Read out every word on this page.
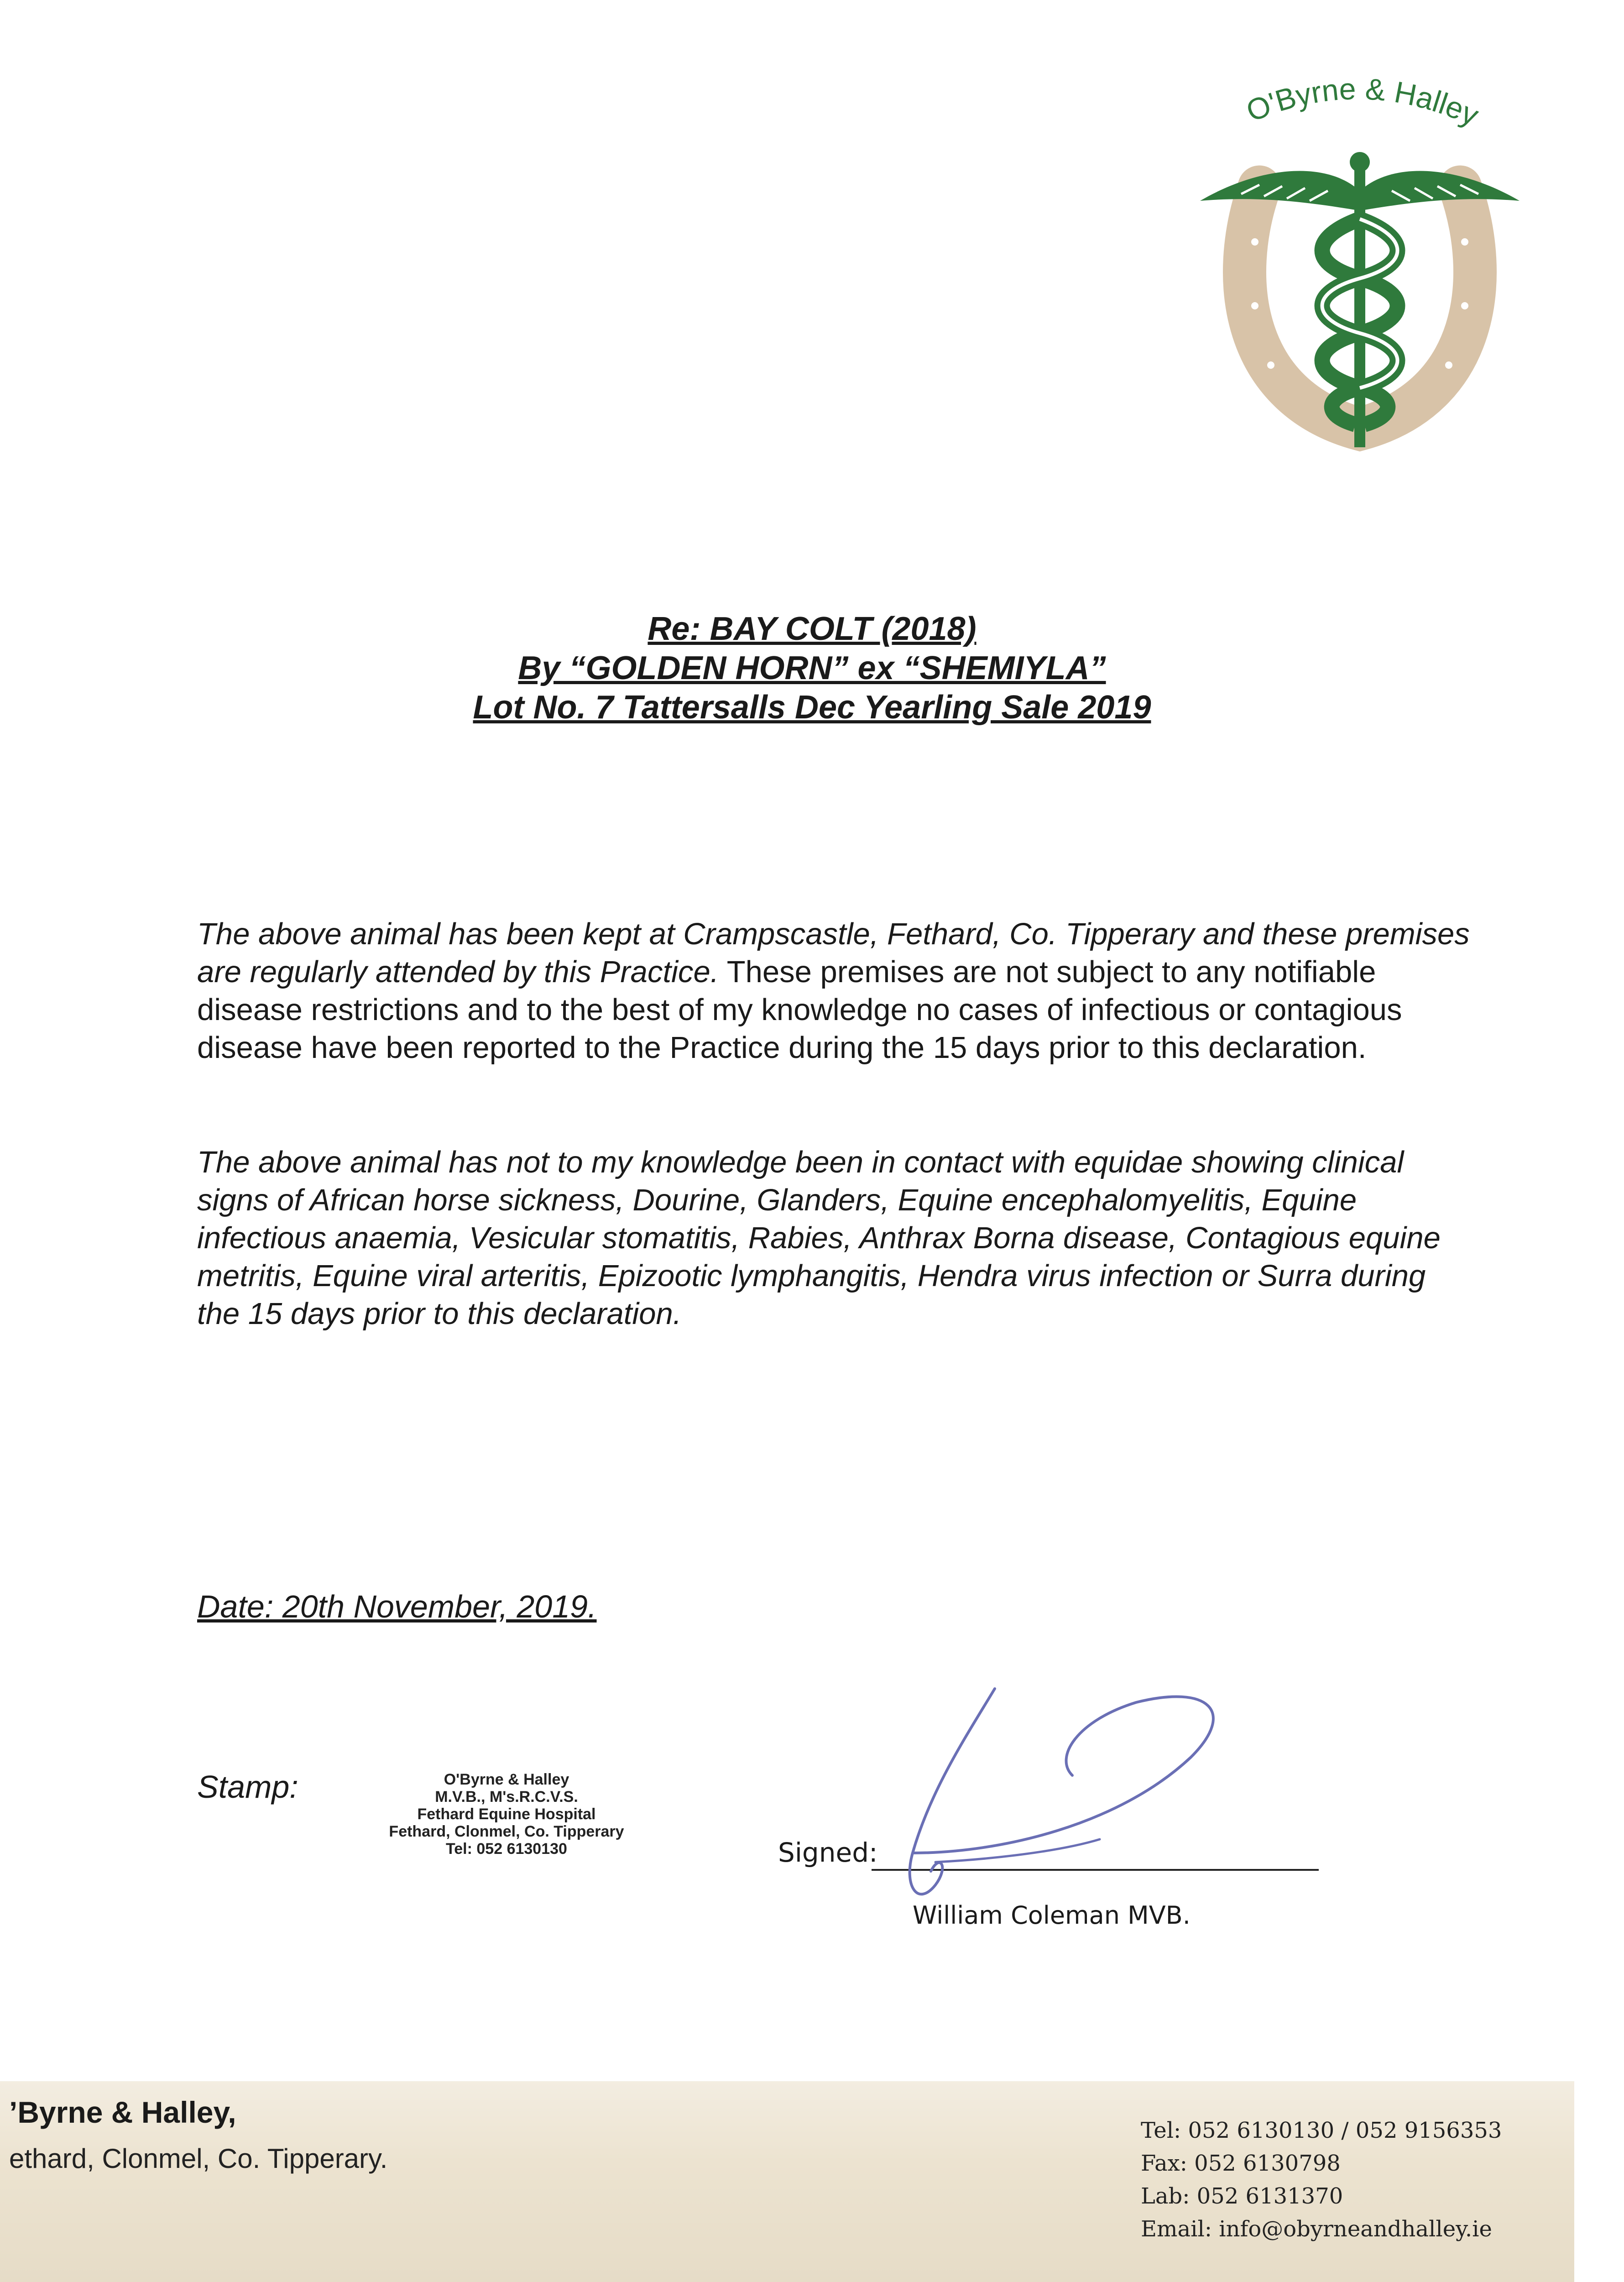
O'Byrne & Halley
Re: BAY COLT (2018)
By “GOLDEN HORN” ex “SHEMIYLA”
Lot No. 7 Tattersalls Dec Yearling Sale 2019
The above animal has been kept at Crampscastle, Fethard, Co. Tipperary and these premises are regularly attended by this Practice. These premises are not subject to any notifiable disease restrictions and to the best of my knowledge no cases of infectious or contagious disease have been reported to the Practice during the 15 days prior to this declaration.
The above animal has not to my knowledge been in contact with equidae showing clinical signs of African horse sickness, Dourine, Glanders, Equine encephalomyelitis, Equine infectious anaemia, Vesicular stomatitis, Rabies, Anthrax Borna disease, Contagious equine metritis, Equine viral arteritis, Epizootic lymphangitis, Hendra virus infection or Surra during the 15 days prior to this declaration.
Date: 20th November, 2019.
Stamp:	O'Byrne & Halley
M.V.B., M's.R.C.V.S.
Fethard Equine Hospital
Fethard, Clonmel, Co. Tipperary
Tel: 052 6130130	Signed:
William Coleman MVB.
’Byrne & Halley,
ethard, Clonmel, Co. Tipperary.
Tel: 052 6130130 / 052 9156353
Fax: 052 6130798
Lab: 052 6131370
Email: info@obyrneandhalley.ie
